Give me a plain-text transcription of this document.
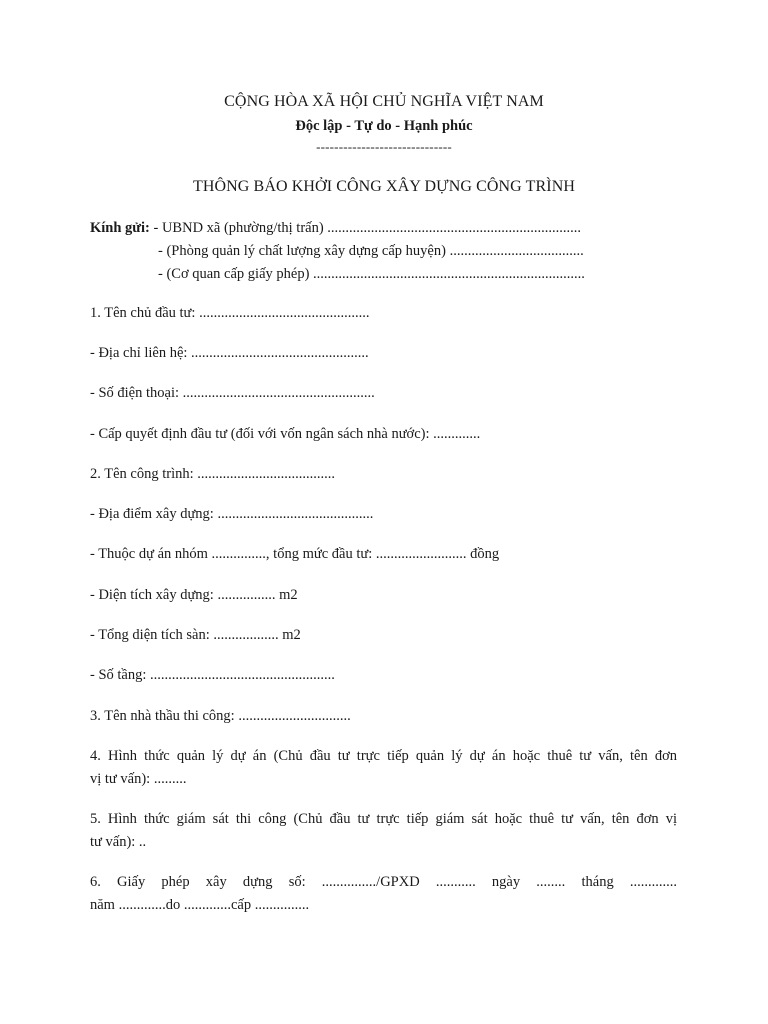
CỘNG HÒA XÃ HỘI CHỦ NGHĨA VIỆT NAM
Độc lập - Tự do - Hạnh phúc
------------------------------
THÔNG BÁO KHỞI CÔNG XÂY DỰNG CÔNG TRÌNH
Kính gửi: - UBND xã (phường/thị trấn) ......................................................................
- (Phòng quản lý chất lượng xây dựng cấp huyện) .....................................
- (Cơ quan cấp giấy phép) ...........................................................................
1. Tên chủ đầu tư: ...............................................
- Địa chỉ liên hệ: .................................................
- Số điện thoại: .....................................................
- Cấp quyết định đầu tư (đối với vốn ngân sách nhà nước): .............
2. Tên công trình: ......................................
- Địa điểm xây dựng: ...........................................
- Thuộc dự án nhóm ..............., tổng mức đầu tư: ......................... đồng
- Diện tích xây dựng: ................ m2
- Tổng diện tích sàn: .................. m2
- Số tầng: ...................................................
3. Tên nhà thầu thi công: ...............................
4. Hình thức quản lý dự án (Chủ đầu tư trực tiếp quản lý dự án hoặc thuê tư vấn, tên đơn
vị tư vấn): .........
5. Hình thức giám sát thi công (Chủ đầu tư trực tiếp giám sát hoặc thuê tư vấn, tên đơn vị
tư vấn): ..
6. Giấy phép xây dựng số: .............../GPXD ........... ngày ........ tháng .............
năm .............do .............cấp ...............
